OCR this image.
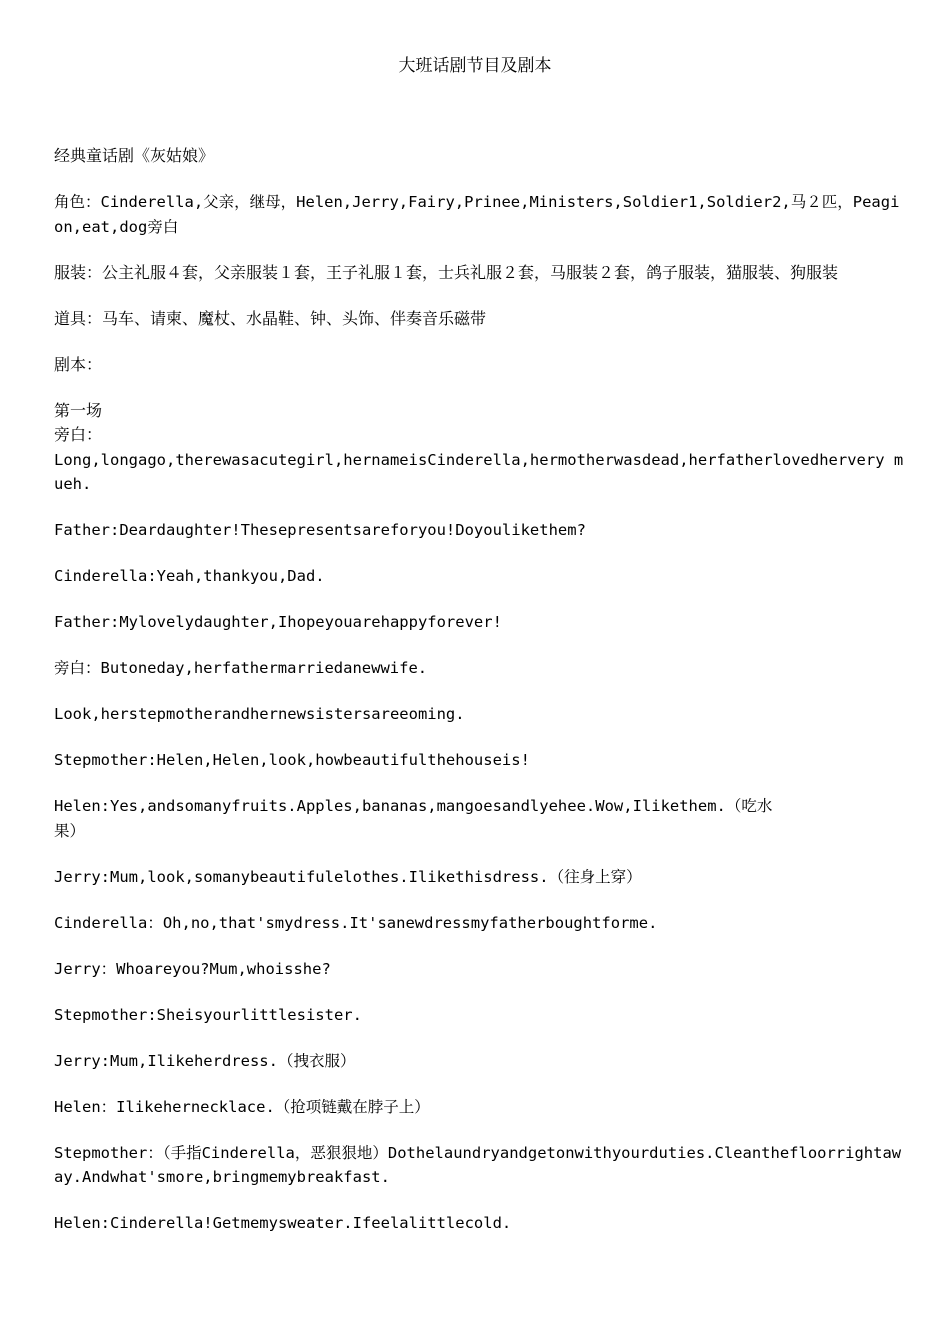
大班话剧节目及剧本
经典童话剧《灰姑娘》
角色：Cinderella,父亲，继母，Helen,Jerry,Fairy,Prinee,Ministers,Soldier1,Soldier2,马２匹，Peagion,eat,dog旁白
服装：公主礼服４套，父亲服装１套，王子礼服１套，士兵礼服２套，马服装２套，鸽子服装，猫服装、狗服装
道具：马车、请柬、魔杖、水晶鞋、钟、头饰、伴奏音乐磁带
剧本：
第一场
旁白：
Long,longago,therewasacutegirl,hernameisCinderella,hermotherwasdead,herfatherlovedhervery mueh.
Father:Deardaughter!Thesepresentsareforyou!Doyoulikethem?
Cinderella:Yeah,thankyou,Dad.
Father:Mylovelydaughter,Ihopeyouarehappyforever!
旁白：Butoneday,herfathermarriedanewwife.
Look,herstepmotherandhernewsistersareeoming.
Stepmother:Helen,Helen,look,howbeautifulthehouseis!
Helen:Yes,andsomanyfruits.Apples,bananas,mangoesandlyehee.Wow,Ilikethem.（吃水果）
Jerry:Mum,look,somanybeautifulelothes.Ilikethisdress.（往身上穿）
Cinderella：Oh,no,that'smydress.It'sanewdressmyfatherboughtforme.
Jerry：Whoareyou?Mum,whoisshe?
Stepmother:Sheisyourlittlesister.
Jerry:Mum,Ilikeherdress.（拽衣服）
Helen：Ilikehernecklace.（抢项链戴在脖子上）
Stepmother：（手指Cinderella，恶狠狠地）Dothelaundryandgetonwithyourduties.Cleanthefloorrightaway.Andwhat'smore,bringmemybreakfast.
Helen:Cinderella!Getmemysweater.Ifeelalittlecold.
